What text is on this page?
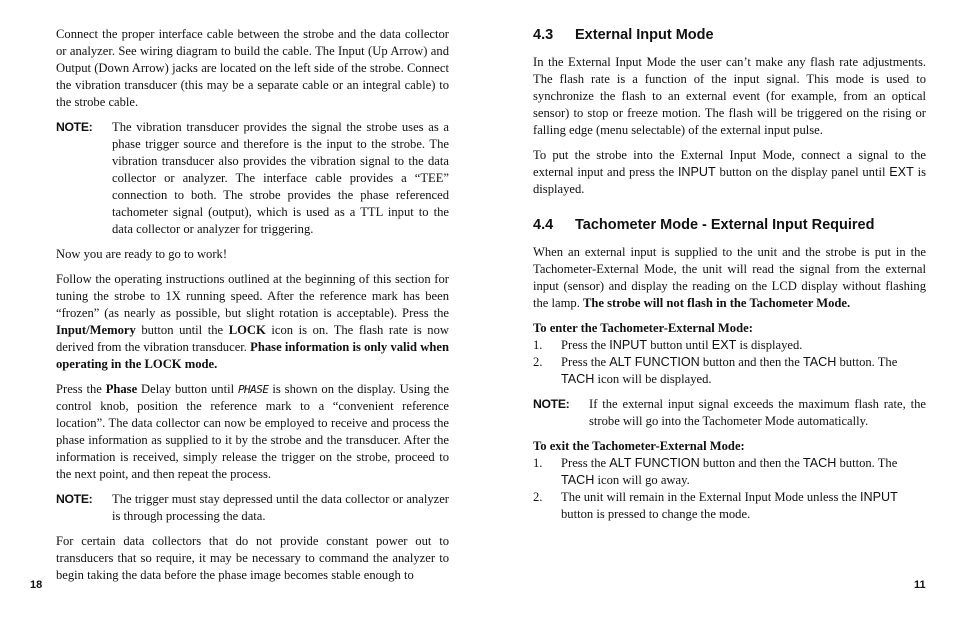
Connect the proper interface cable between the strobe and the data collector or analyzer. See wiring diagram to build the cable. The Input (Up Arrow) and Output (Down Arrow) jacks are located on the left side of the strobe. Connect the vibration transducer (this may be a separate cable or an integral cable) to the strobe cable.

NOTE:	The vibration transducer provides the signal the strobe uses as a phase trigger source and therefore is the input to the strobe. The vibration transducer also provides the vibration signal to the data collector or analyzer. The interface cable provides a “TEE” connection to both. The strobe provides the phase referenced tachometer signal (output), which is used as a TTL input to the data collector or analyzer for triggering.

Now you are ready to go to work!

Follow the operating instructions outlined at the beginning of this section for tuning the strobe to 1X running speed. After the reference mark has been “frozen” (as nearly as possible, but slight rotation is acceptable). Press the Input/Memory button until the LOCK icon is on. The flash rate is now derived from the vibration transducer. Phase information is only valid when operating in the LOCK mode.

Press the Phase Delay button until PHASE is shown on the display. Using the control knob, position the reference mark to a “convenient reference location”. The data collector can now be employed to receive and process the phase information as supplied to it by the strobe and the transducer. After the information is received, simply release the trigger on the strobe, proceed to the next point, and then repeat the process.

NOTE:	The trigger must stay depressed until the data collector or analyzer is through processing the data.

For certain data collectors that do not provide constant power out to transducers that so require, it may be necessary to command the analyzer to begin taking the data before the phase image becomes stable enough to

4.3 External Input Mode

In the External Input Mode the user can’t make any flash rate adjustments. The flash rate is a function of the input signal. This mode is used to synchronize the flash to an external event (for example, from an optical sensor) to stop or freeze motion. The flash will be triggered on the rising or falling edge (menu selectable) of the external input pulse.

To put the strobe into the External Input Mode, connect a signal to the external input and press the INPUT button on the display panel until EXT is displayed.

4.4 Tachometer Mode - External Input Required

When an external input is supplied to the unit and the strobe is put in the Tachometer-External Mode, the unit will read the signal from the external input (sensor) and display the reading on the LCD display without flashing the lamp. The strobe will not flash in the Tachometer Mode.

To enter the Tachometer-External Mode:
1.	Press the INPUT button until EXT is displayed.
2.	Press the ALT FUNCTION button and then the TACH button. The TACH icon will be displayed.
NOTE:	If the external input signal exceeds the maximum flash rate, the strobe will go into the Tachometer Mode automatically.
To exit the Tachometer-External Mode:
1.	Press the ALT FUNCTION button and then the TACH button. The TACH icon will go away.
2.	The unit will remain in the External Input Mode unless the INPUT button is pressed to change the mode.
18	11
